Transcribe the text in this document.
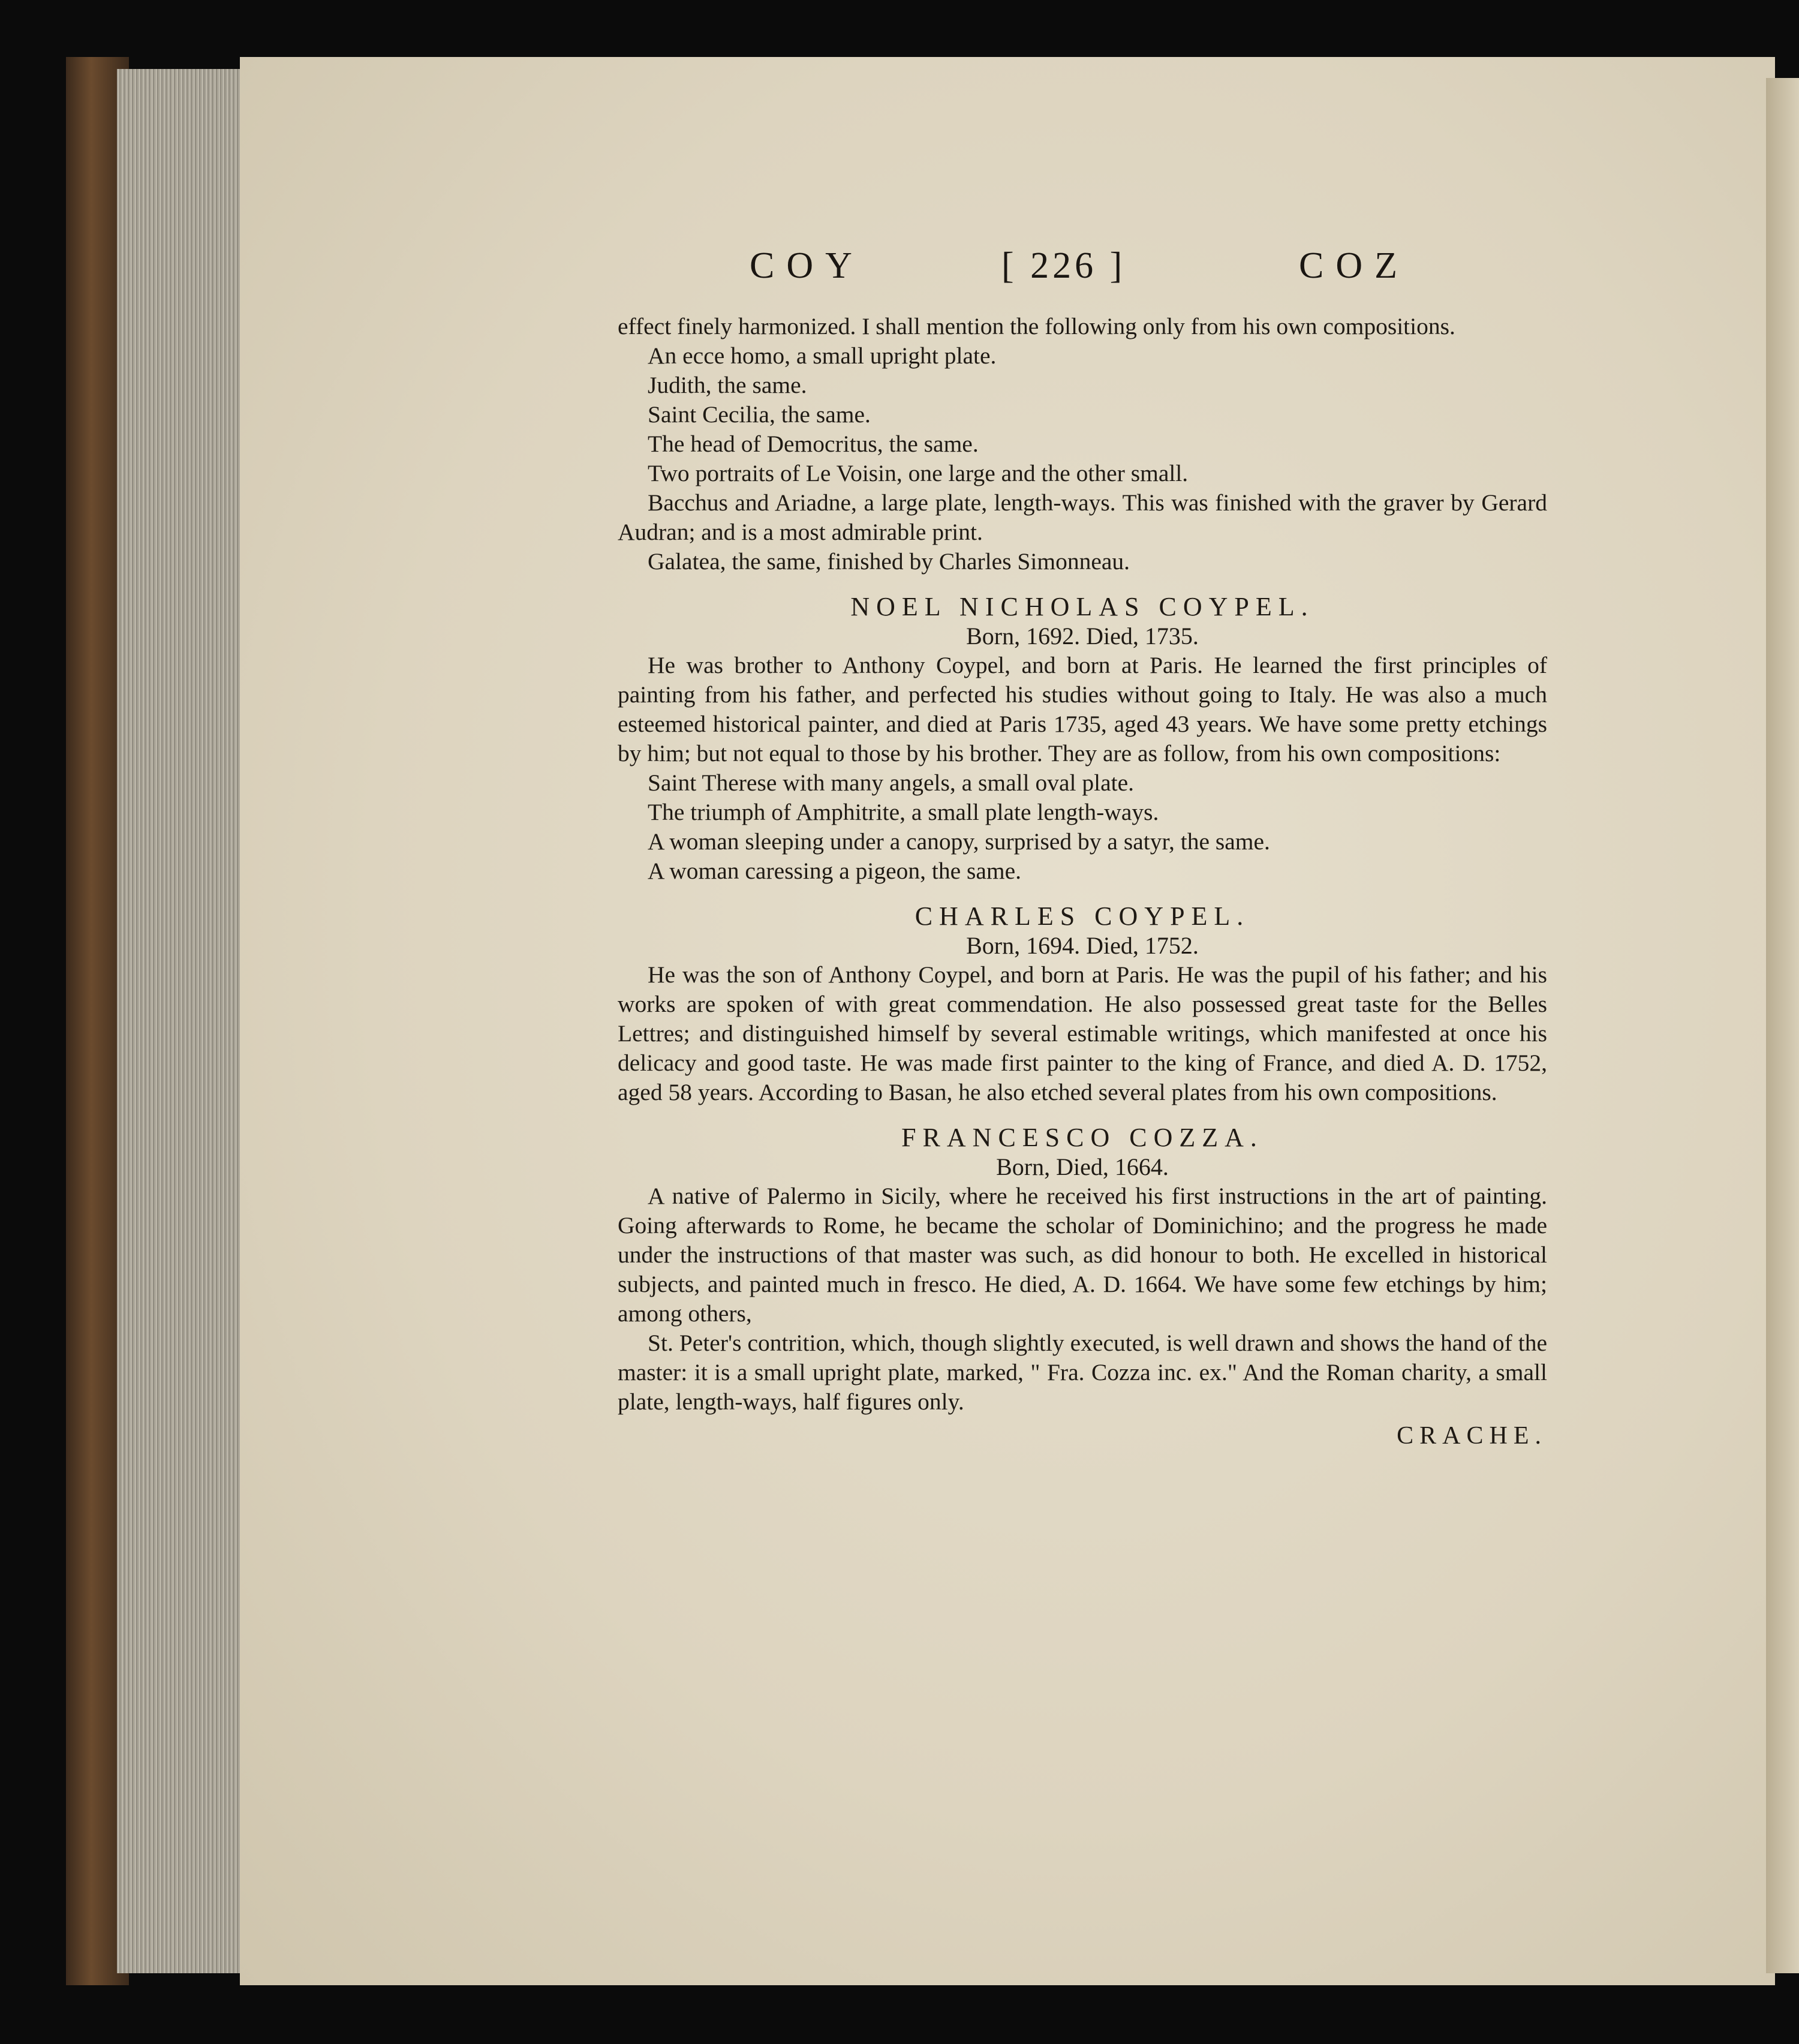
COY	[ 226 ]	COZ

effect finely harmonized. I shall mention the following only from his own compositions.

An ecce homo, a small upright plate.

Judith, the same.

Saint Cecilia, the same.

The head of Democritus, the same.

Two portraits of Le Voisin, one large and the other small.

Bacchus and Ariadne, a large plate, length-ways. This was finished with the graver by Gerard Audran; and is a most admirable print.

Galatea, the same, finished by Charles Simonneau.

NOEL NICHOLAS COYPEL.
Born, 1692. Died, 1735.

He was brother to Anthony Coypel, and born at Paris. He learned the first principles of painting from his father, and perfected his studies without going to Italy. He was also a much esteemed historical painter, and died at Paris 1735, aged 43 years. We have some pretty etchings by him; but not equal to those by his brother. They are as follow, from his own compositions:

Saint Therese with many angels, a small oval plate.

The triumph of Amphitrite, a small plate length-ways.

A woman sleeping under a canopy, surprised by a satyr, the same.

A woman caressing a pigeon, the same.

CHARLES COYPEL.
Born, 1694. Died, 1752.

He was the son of Anthony Coypel, and born at Paris. He was the pupil of his father; and his works are spoken of with great commendation. He also possessed great taste for the Belles Lettres; and distinguished himself by several estimable writings, which manifested at once his delicacy and good taste. He was made first painter to the king of France, and died A. D. 1752, aged 58 years. According to Basan, he also etched several plates from his own compositions.

FRANCESCO COZZA.
Born, Died, 1664.

A native of Palermo in Sicily, where he received his first instructions in the art of painting. Going afterwards to Rome, he became the scholar of Dominichino; and the progress he made under the instructions of that master was such, as did honour to both. He excelled in historical subjects, and painted much in fresco. He died, A. D. 1664. We have some few etchings by him; among others,

St. Peter's contrition, which, though slightly executed, is well drawn and shows the hand of the master: it is a small upright plate, marked, " Fra. Cozza inc. ex." And the Roman charity, a small plate, length-ways, half figures only.

CRACHE.
